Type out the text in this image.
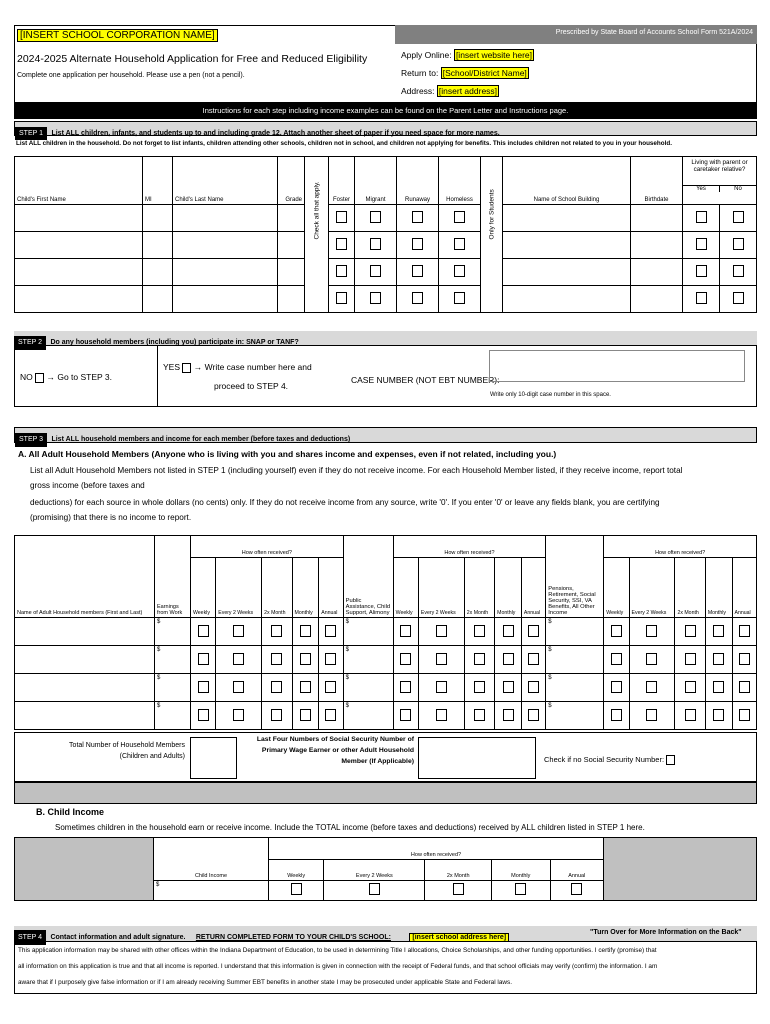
Prescribed by State Board of Accounts School Form 521A/2024
[INSERT SCHOOL CORPORATION NAME]
2024-2025 Alternate Household Application for Free and Reduced Eligibility
Complete one application per household. Please use a pen (not a pencil).
Apply Online: [insert website here]
Return to: [School/District Name]
Address: [insert address]
Instructions for each step including income examples can be found on the Parent Letter and Instructions page.
STEP 1 List ALL children, infants, and students up to and including grade 12. Attach another sheet of paper if you need space for more names.
List ALL children in the household. Do not forget to list infants, children attending other schools, children not in school, and children not applying for benefits. This includes children not related to you in your household.
Child's First Name	MI	Child's Last Name	Grade	Check all that apply.	Foster	Migrant	Runaway	Homeless	Only for Students	Name of School Building	Birthdate	Living with parent or caretaker relative?
Yes No	

STEP 2 Do any household members (including you) participate in: SNAP or TANF?
NO → Go to STEP 3.
YES → Write case number here and
proceed to STEP 4.
CASE NUMBER (NOT EBT NUMBER):
Write only 10-digit case number in this space.
STEP 3 List ALL household members and income for each member (before taxes and deductions)
A. All Adult Household Members (Anyone who is living with you and shares income and expenses, even if not related, including you.)
List all Adult Household Members not listed in STEP 1 (including yourself) even if they do not receive income. For each Household Member listed, if they receive income, report total
gross income (before taxes and
deductions) for each source in whole dollars (no cents) only. If they do not receive income from any source, write '0'. If you enter '0' or leave any fields blank, you are certifying
(promising) that there is no income to report.
Name of Adult Household members (First and Last)	Earnings from Work	How often received?					Public Assistance, Child Support, Alimony	How often received?					Pensions, Retirement, Social Security, SSI, VA Benefits, All Other Income	How often received?				
		Weekly	Every 2 Weeks	2x Month	Monthly	Annual		Weekly	Every 2 Weeks	2x Month	Monthly	Annual		Weekly	Every 2 Weeks	2x Month	Monthly	Annual
	$						$						$					
	$						$						$					
	$						$						$					
	$						$						$					
Total Number of Household Members
(Children and Adults)
Last Four Numbers of Social Security Number of
Primary Wage Earner or other Adult Household
Member (If Applicable)	Check if no Social Security Number:
B. Child Income
Sometimes children in the household earn or receive income. Include the TOTAL income (before taxes and deductions) received by ALL children listed in STEP 1 here.
Child Income	How often received?				
	Weekly	Every 2 Weeks	2x Month	Monthly	Annual
$					
STEP 4 Contact information and adult signature. RETURN COMPLETED FORM TO YOUR CHILD'S SCHOOL:	[insert school address here]
"Turn Over for More Information on the Back"
This application information may be shared with other offices within the Indiana Department of Education, to be used in determining Title I allocations, Choice Scholarships, and other funding opportunities. I certify (promise) that
all information on this application is true and that all income is reported. I understand that this information is given in connection with the receipt of Federal funds, and that school officials may verify (confirm) the information. I am
aware that if I purposely give false information or if I am already receiving Summer EBT benefits in another state I may be prosecuted under applicable State and Federal laws.
